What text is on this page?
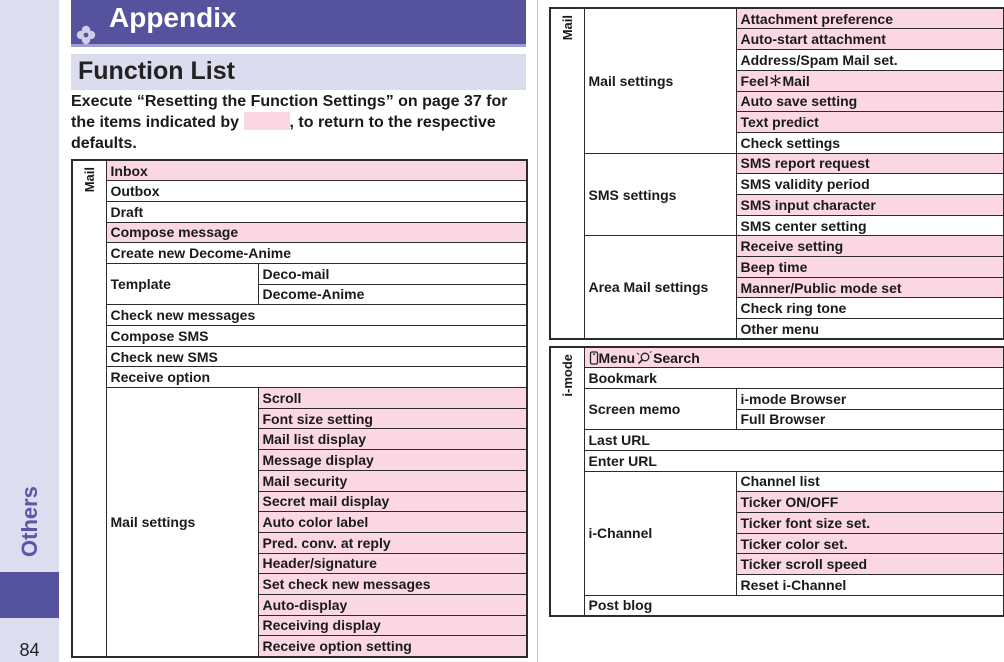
Others
84
Appendix
Function List
Execute “Resetting the Function Settings” on page 37 for the items indicated by	, to return to the respective defaults.
Mail	Inbox	
	Outbox	
	Draft	
	Compose message	
	Create new Decome-Anime	
	Template	Deco-mail
		Decome-Anime
	Check new messages	
	Compose SMS	
	Check new SMS	
	Receive option	
	Mail settings	Scroll
		Font size setting
		Mail list display
		Message display
		Mail security
		Secret mail display
		Auto color label
		Pred. conv. at reply
		Header/signature
		Set check new messages
		Auto-display
		Receiving display
		Receive option setting
Mail	Mail settings	Attachment preference
		Auto-start attachment
		Address/Spam Mail set.
		Feel＊Mail
		Auto save setting
		Text predict
		Check settings
	SMS settings	SMS report request
		SMS validity period
		SMS input character
		SMS center setting
	Area Mail settings	Receive setting
		Beep time
		Manner/Public mode set
		Check ring tone
		Other menu
i-mode	Menu Search	
	Bookmark	
	Screen memo	i-mode Browser
		Full Browser
	Last URL	
	Enter URL	
	i-Channel	Channel list
		Ticker ON/OFF
		Ticker font size set.
		Ticker color set.
		Ticker scroll speed
		Reset i-Channel
	Post blog	
